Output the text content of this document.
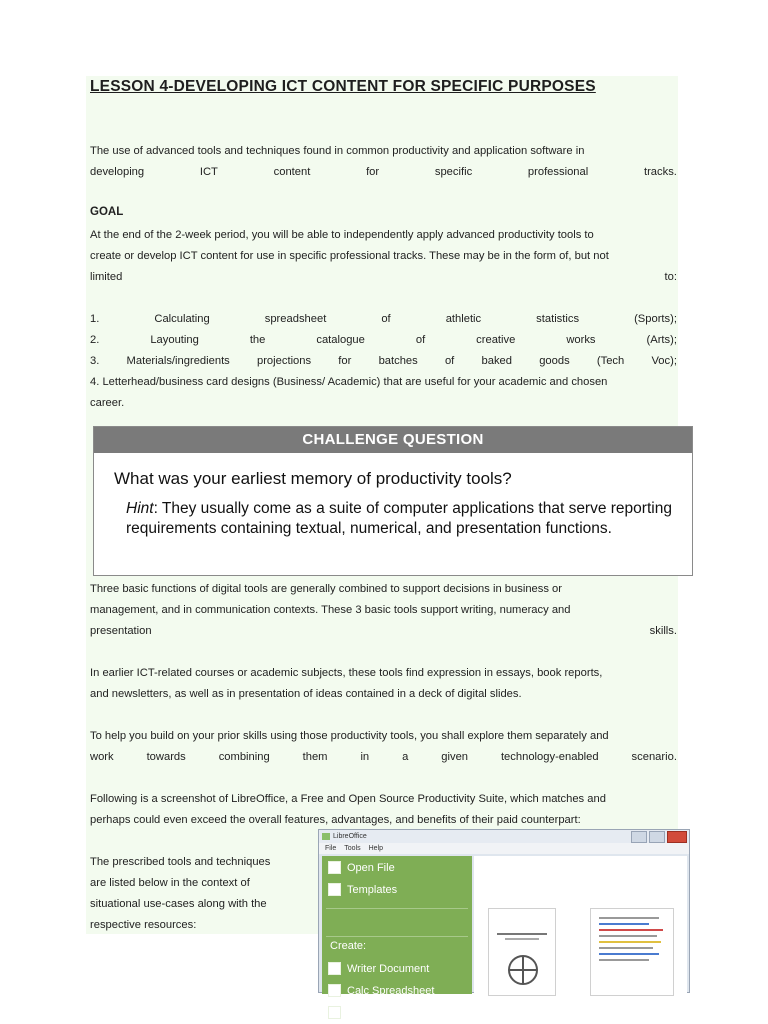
LESSON 4-DEVELOPING ICT CONTENT FOR SPECIFIC PURPOSES
The use of advanced tools and techniques found in common productivity and application software in
developing	ICT	content	for	specific	professional	tracks.
GOAL
At the end of the 2-week period, you will be able to independently apply advanced productivity tools to
create or develop ICT content for use in specific professional tracks. These may be in the form of, but not
limited	to:
1.	Calculating	spreadsheet	of	athletic	statistics	(Sports);
2.	Layouting	the	catalogue	of	creative	works	(Arts);
3. Materials/ingredients projections for batches of baked goods (Tech Voc);
4. Letterhead/business card designs (Business/ Academic) that are useful for your academic and chosen
career.
CHALLENGE QUESTION
What was your earliest memory of productivity tools?
Hint: They usually come as a suite of computer applications that serve reporting requirements containing textual, numerical, and presentation functions.
Three basic functions of digital tools are generally combined to support decisions in business or
management, and in communication contexts. These 3 basic tools support writing, numeracy and
presentation	skills.
In earlier ICT-related courses or academic subjects, these tools find expression in essays, book reports,
and newsletters, as well as in presentation of ideas contained in a deck of digital slides.
To help you build on your prior skills using those productivity tools, you shall explore them separately and
work	towards	combining	them	in	a	given	technology-enabled	scenario.
Following is a screenshot of LibreOffice, a Free and Open Source Productivity Suite, which matches and
perhaps could even exceed the overall features, advantages, and benefits of their paid counterpart:
The prescribed tools and techniques
are listed below in the context of
situational use-cases along with the
respective resources:
LibreOffice
File Tools Help
Open File
Templates
Create:
Writer Document
Calc Spreadsheet
Impress Presentation
